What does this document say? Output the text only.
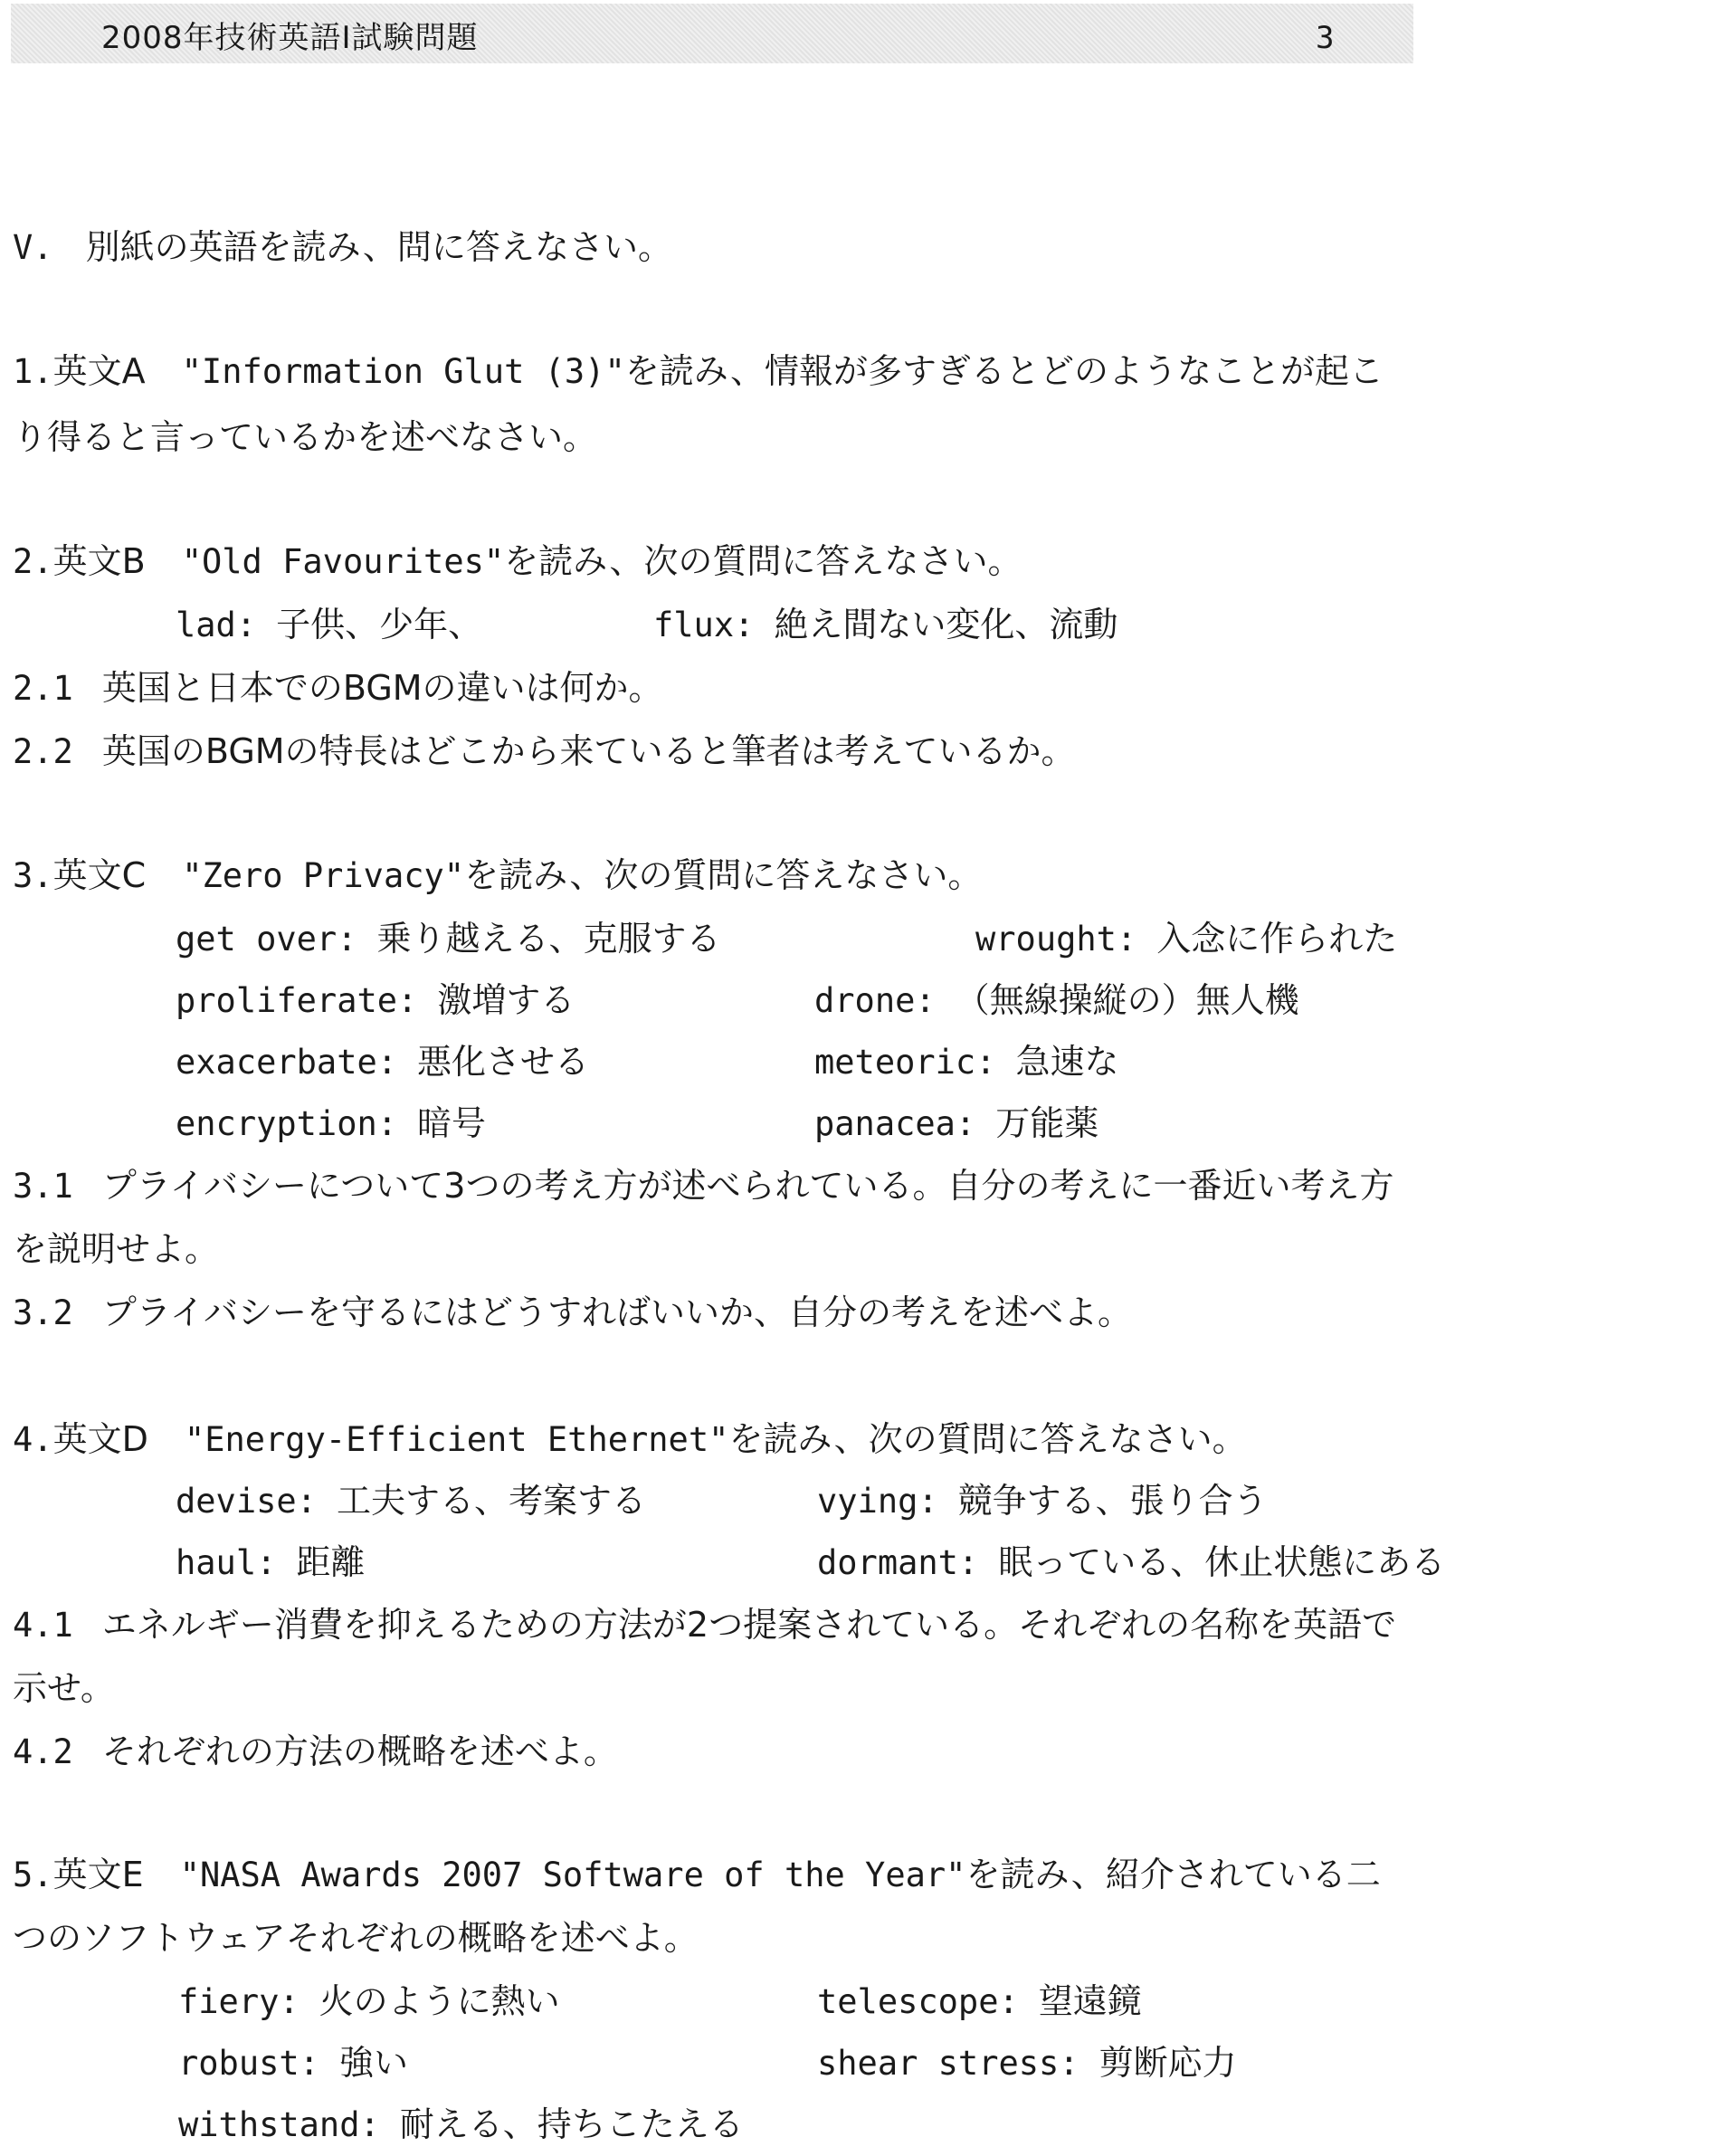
2008年技術英語Ⅰ試験問題	3
V. 別紙の英語を読み、問に答えなさい。
1.英文A "Information Glut (3)"を読み、情報が多すぎるとどのようなことが起こ
り得ると言っているかを述べなさい。
2.英文B "Old Favourites"を読み、次の質問に答えなさい。
lad: 子供、少年、	flux: 絶え間ない変化、流動
2.1 英国と日本でのBGMの違いは何か。
2.2 英国のBGMの特長はどこから来ていると筆者は考えているか。
3.英文C "Zero Privacy"を読み、次の質問に答えなさい。
get over: 乗り越える、克服する	wrought: 入念に作られた
proliferate: 激増する	drone: （無線操縦の）無人機
exacerbate: 悪化させる	meteoric: 急速な
encryption: 暗号	panacea: 万能薬
3.1 プライバシーについて3つの考え方が述べられている。自分の考えに一番近い考え方
を説明せよ。
3.2 プライバシーを守るにはどうすればいいか、自分の考えを述べよ。
4.英文D "Energy-Efficient Ethernet"を読み、次の質問に答えなさい。
devise: 工夫する、考案する	vying: 競争する、張り合う
haul: 距離	dormant: 眠っている、休止状態にある
4.1 エネルギー消費を抑えるための方法が2つ提案されている。それぞれの名称を英語で
示せ。
4.2 それぞれの方法の概略を述べよ。
5.英文E "NASA Awards 2007 Software of the Year"を読み、紹介されている二
つのソフトウェアそれぞれの概略を述べよ。
fiery: 火のように熱い	telescope: 望遠鏡
robust: 強い	shear stress: 剪断応力
withstand: 耐える、持ちこたえる
